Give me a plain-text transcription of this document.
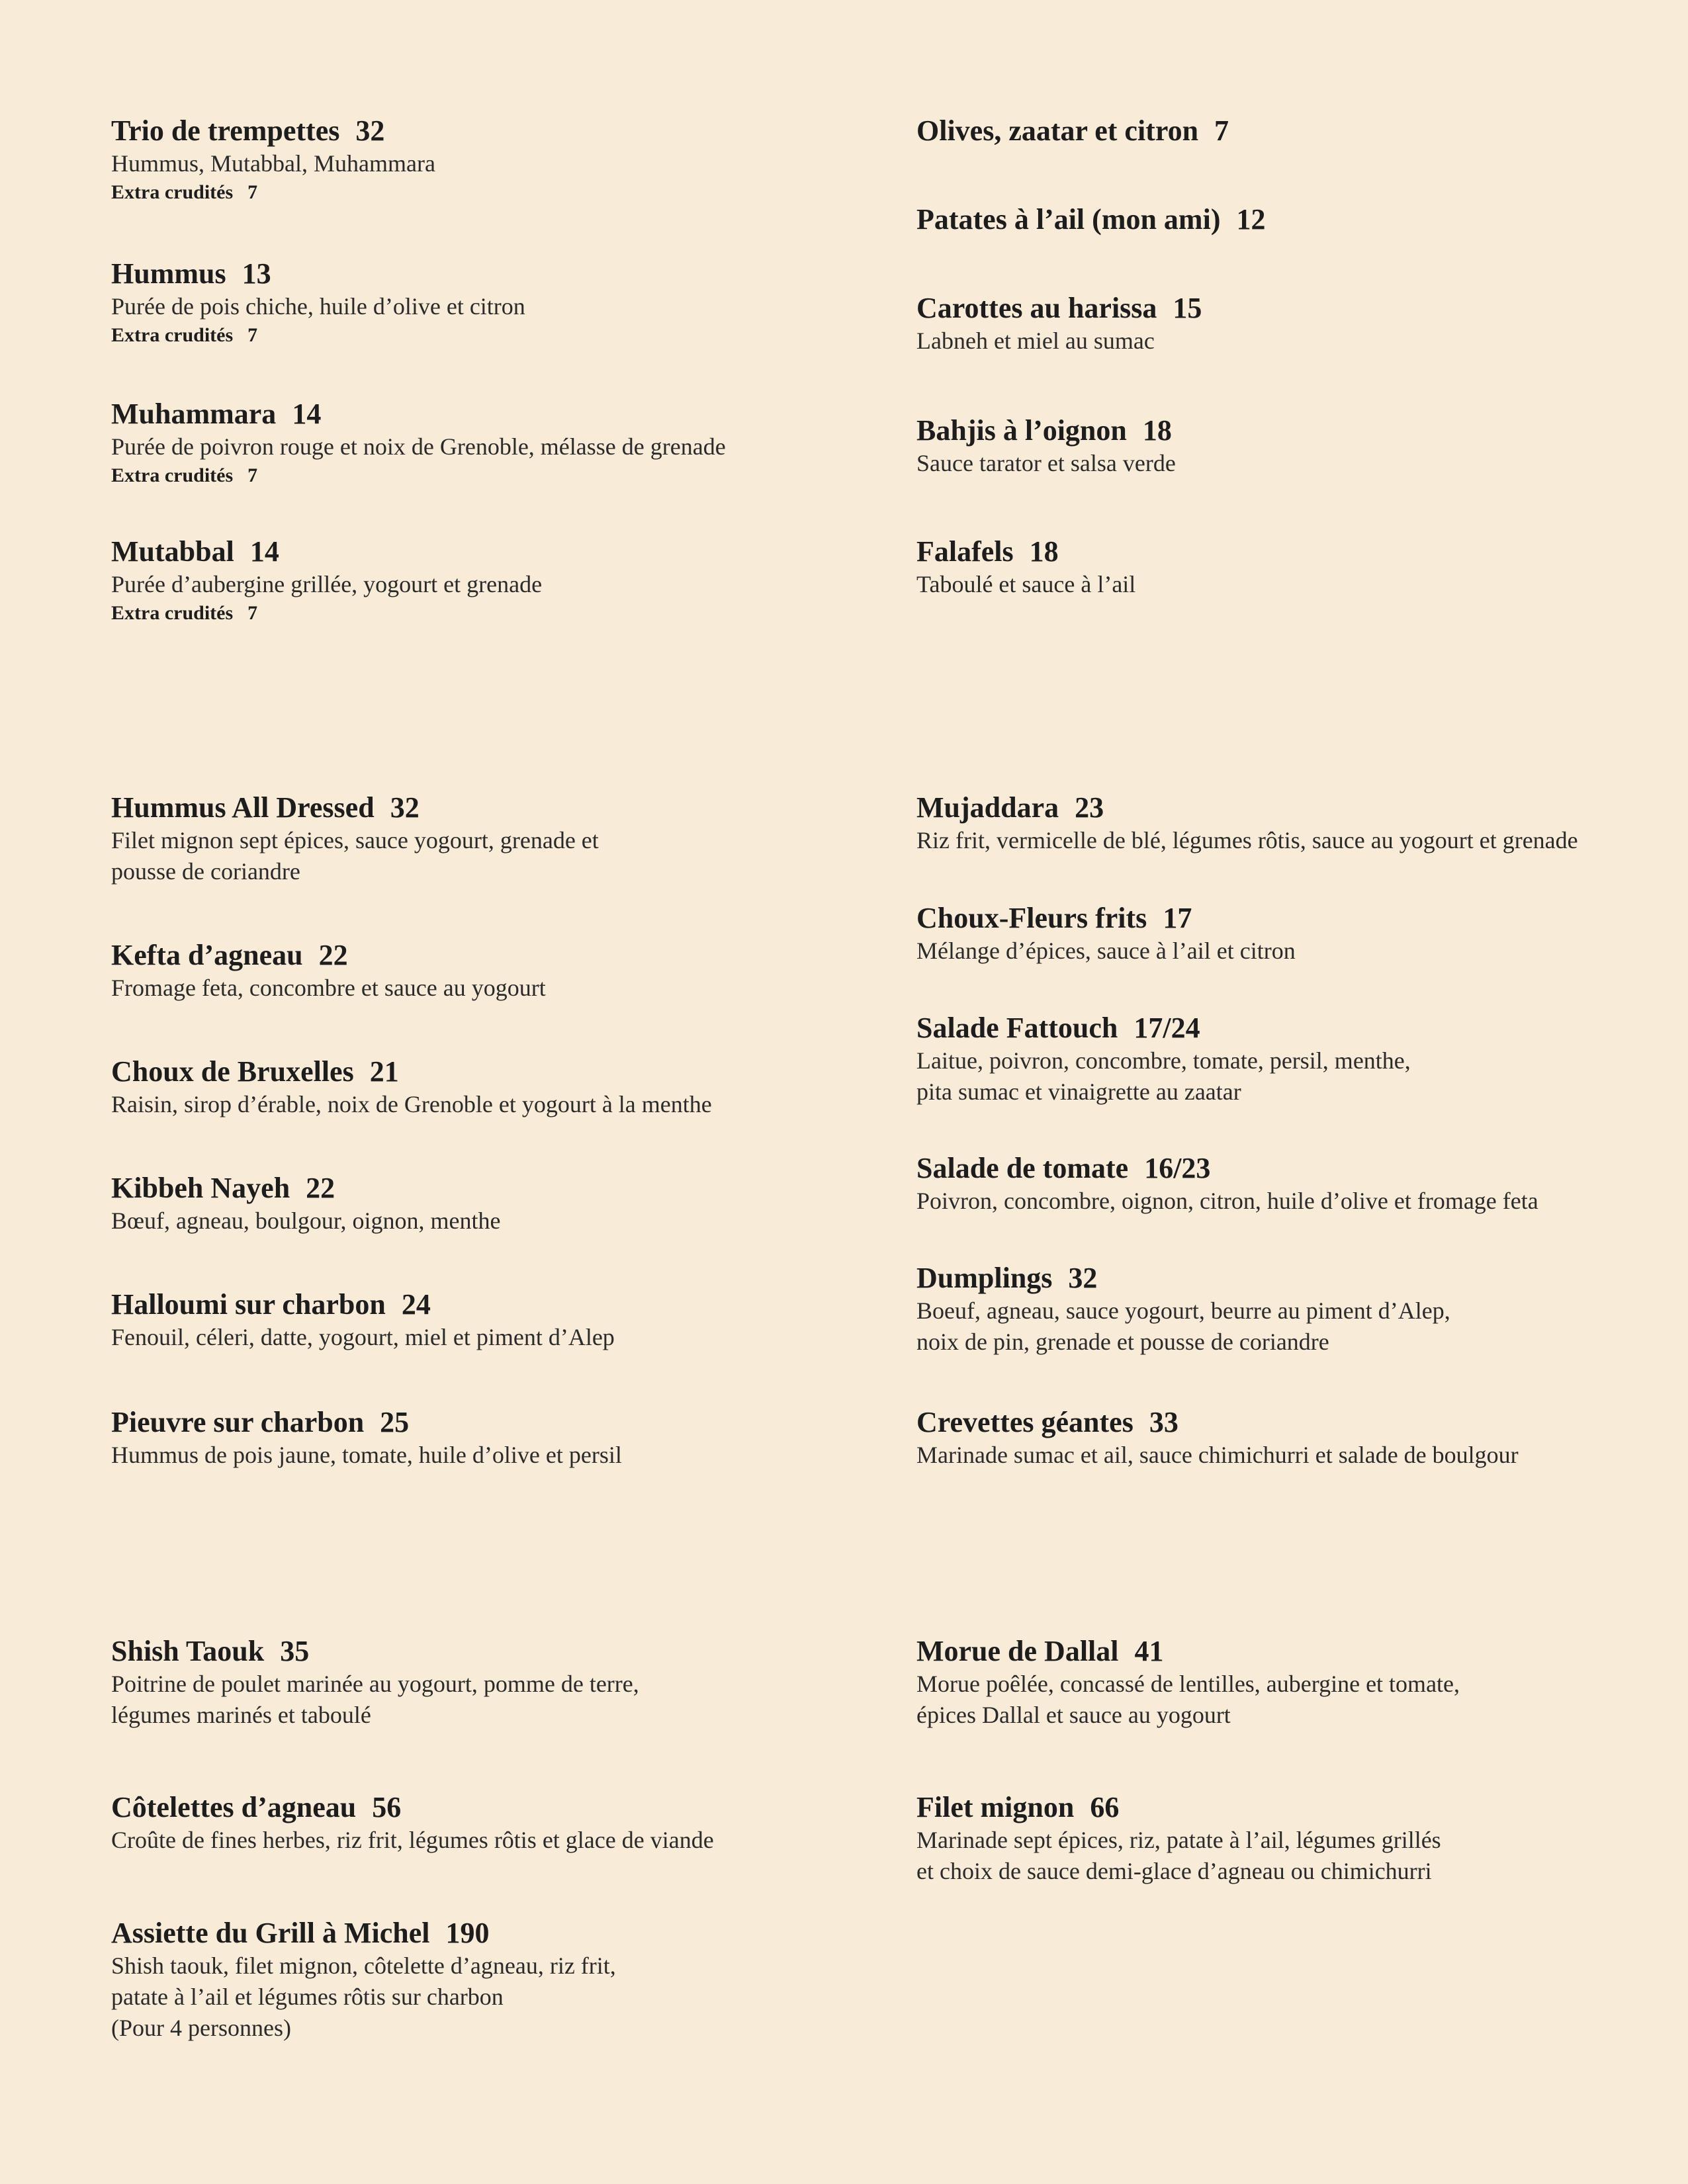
Trio de trempettes 32
Hummus, Mutabbal, Muhammara
Extra crudités 7
Hummus 13
Purée de pois chiche, huile d’olive et citron
Extra crudités 7
Muhammara 14
Purée de poivron rouge et noix de Grenoble, mélasse de grenade
Extra crudités 7
Mutabbal 14
Purée d’aubergine grillée, yogourt et grenade
Extra crudités 7
Olives, zaatar et citron 7
Patates à l’ail (mon ami) 12
Carottes au harissa 15
Labneh et miel au sumac
Bahjis à l’oignon 18
Sauce tarator et salsa verde
Falafels 18
Taboulé et sauce à l’ail
Hummus All Dressed 32
Filet mignon sept épices, sauce yogourt, grenade et
pousse de coriandre
Kefta d’agneau 22
Fromage feta, concombre et sauce au yogourt
Choux de Bruxelles 21
Raisin, sirop d’érable, noix de Grenoble et yogourt à la menthe
Kibbeh Nayeh 22
Bœuf, agneau, boulgour, oignon, menthe
Halloumi sur charbon 24
Fenouil, céleri, datte, yogourt, miel et piment d’Alep
Pieuvre sur charbon 25
Hummus de pois jaune, tomate, huile d’olive et persil
Mujaddara 23
Riz frit, vermicelle de blé, légumes rôtis, sauce au yogourt et grenade
Choux-Fleurs frits 17
Mélange d’épices, sauce à l’ail et citron
Salade Fattouch 17/24
Laitue, poivron, concombre, tomate, persil, menthe,
pita sumac et vinaigrette au zaatar
Salade de tomate 16/23
Poivron, concombre, oignon, citron, huile d’olive et fromage feta
Dumplings 32
Boeuf, agneau, sauce yogourt, beurre au piment d’Alep,
noix de pin, grenade et pousse de coriandre
Crevettes géantes 33
Marinade sumac et ail, sauce chimichurri et salade de boulgour
Shish Taouk 35
Poitrine de poulet marinée au yogourt, pomme de terre,
légumes marinés et taboulé
Côtelettes d’agneau 56
Croûte de fines herbes, riz frit, légumes rôtis et glace de viande
Assiette du Grill à Michel 190
Shish taouk, filet mignon, côtelette d’agneau, riz frit,
patate à l’ail et légumes rôtis sur charbon
(Pour 4 personnes)
Morue de Dallal 41
Morue poêlée, concassé de lentilles, aubergine et tomate,
épices Dallal et sauce au yogourt
Filet mignon 66
Marinade sept épices, riz, patate à l’ail, légumes grillés
et choix de sauce demi-glace d’agneau ou chimichurri
